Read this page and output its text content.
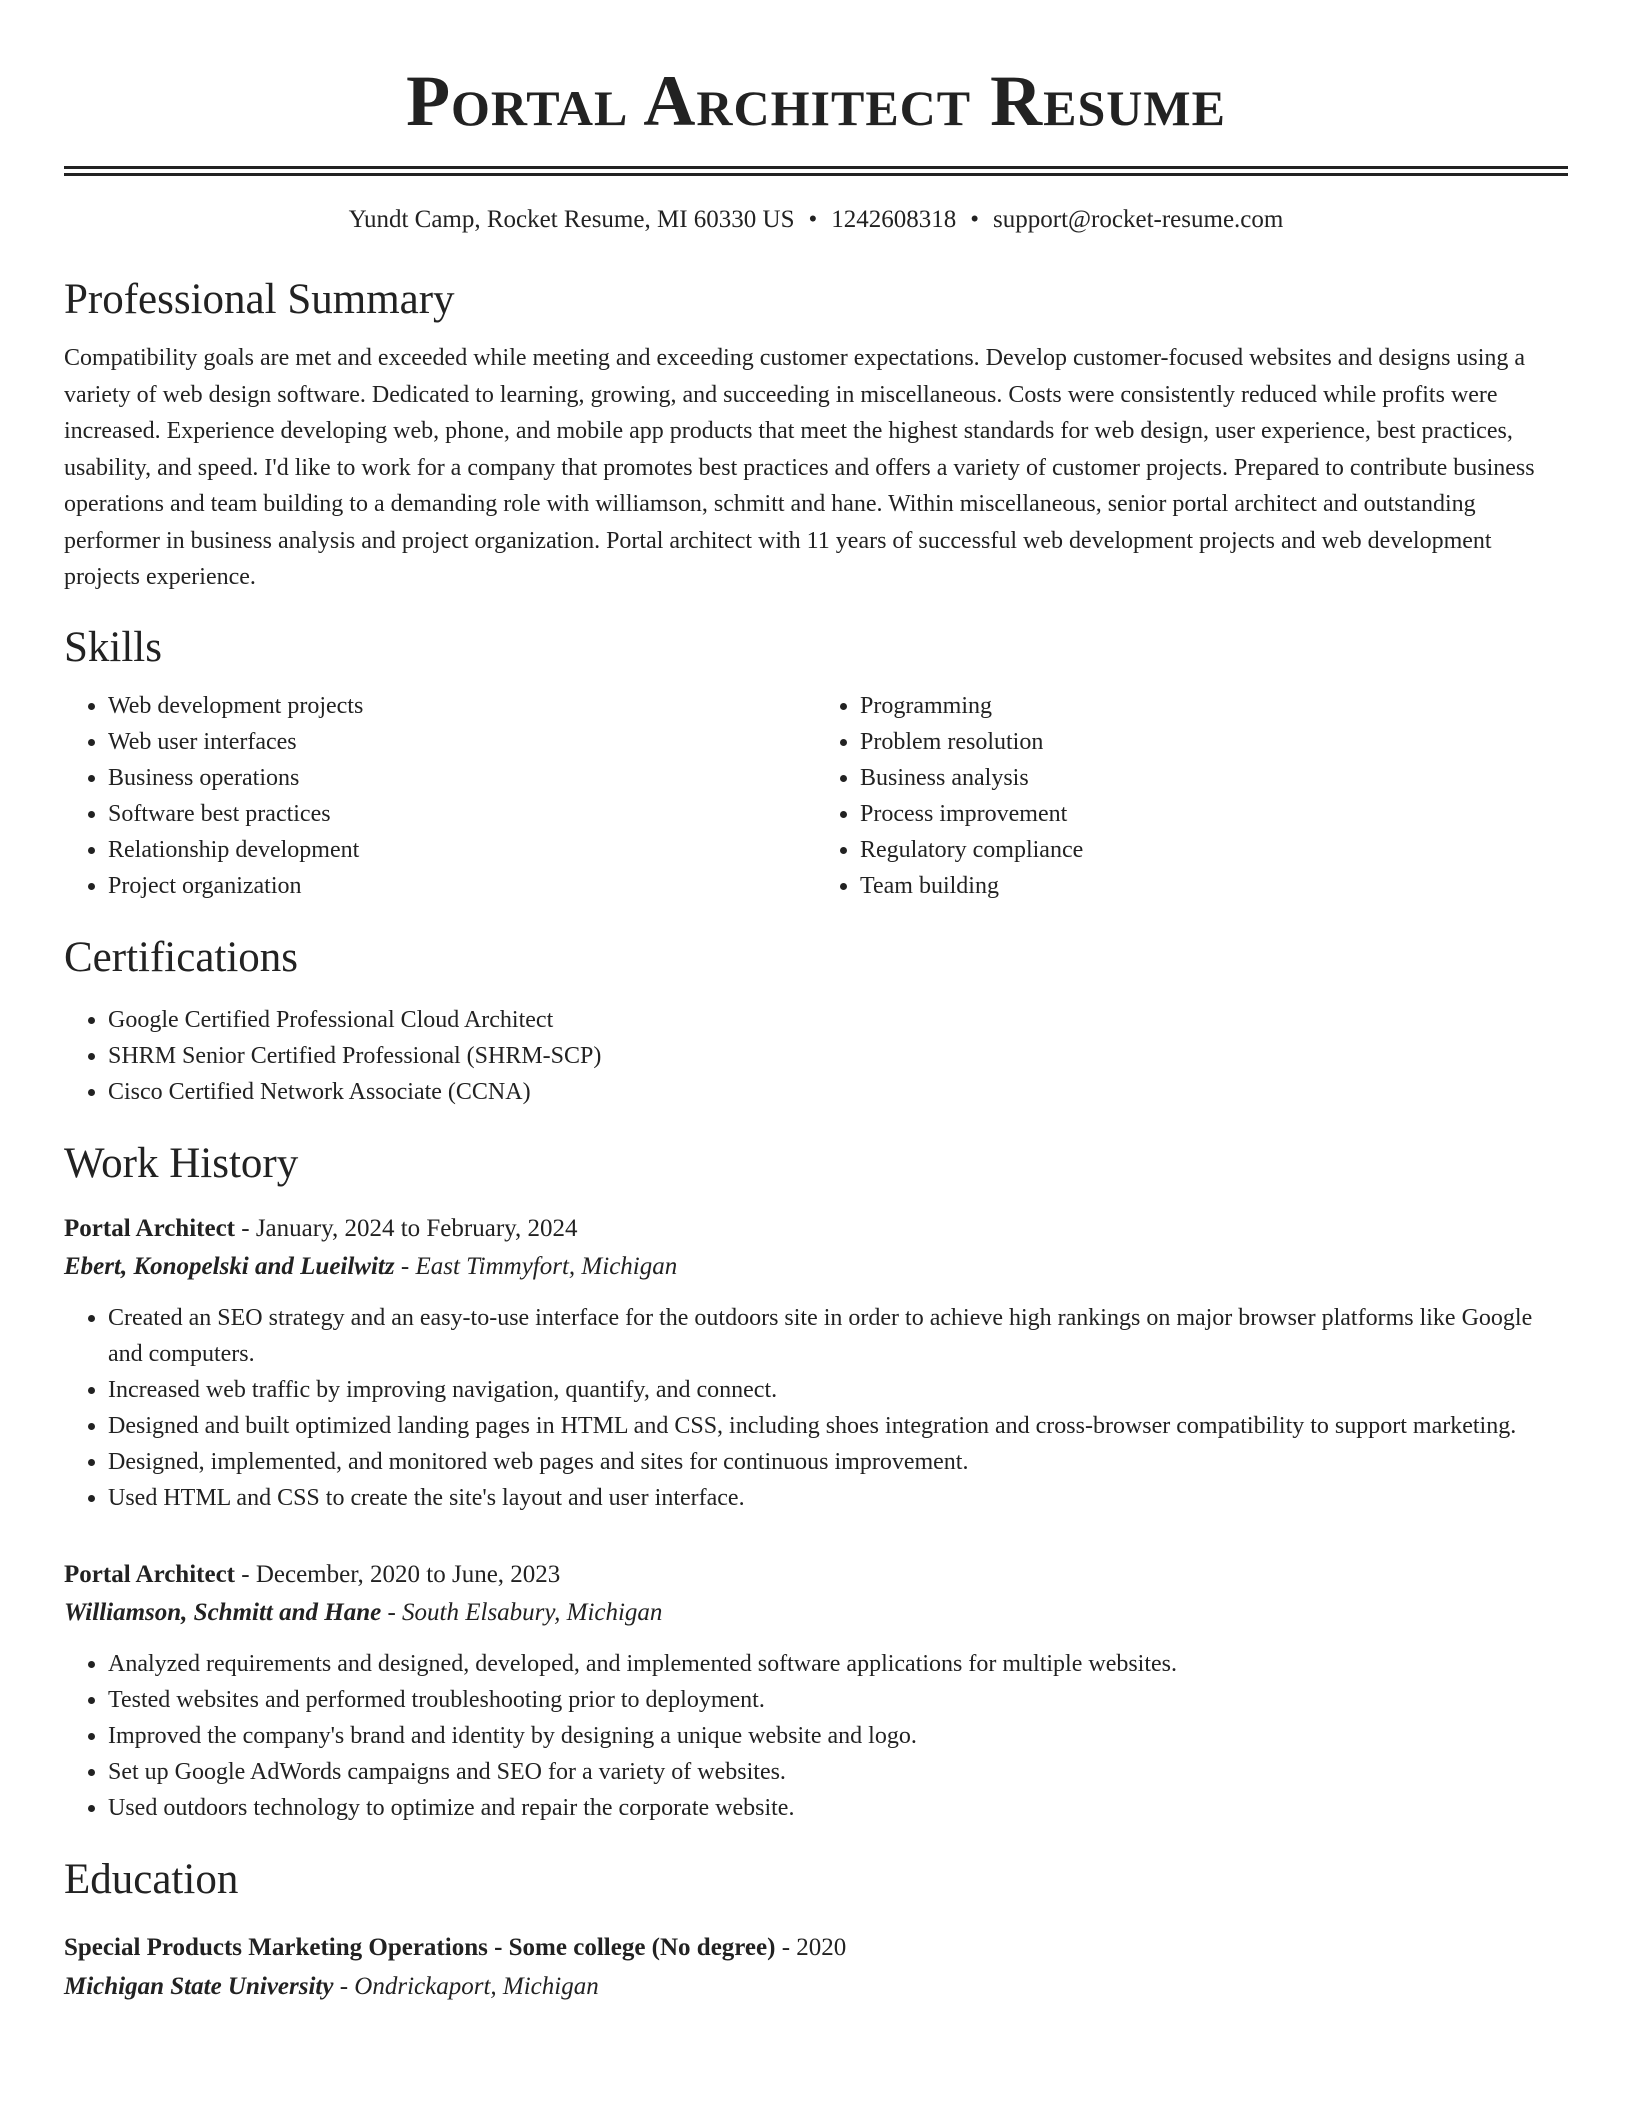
Portal Architect Resume
Yundt Camp, Rocket Resume, MI 60330 US • 1242608318 • support@rocket-resume.com
Professional Summary

Compatibility goals are met and exceeded while meeting and exceeding customer expectations. Develop customer-focused websites and designs using a variety of web design software. Dedicated to learning, growing, and succeeding in miscellaneous. Costs were consistently reduced while profits were increased. Experience developing web, phone, and mobile app products that meet the highest standards for web design, user experience, best practices, usability, and speed. I'd like to work for a company that promotes best practices and offers a variety of customer projects. Prepared to contribute business operations and team building to a demanding role with williamson, schmitt and hane. Within miscellaneous, senior portal architect and outstanding performer in business analysis and project organization. Portal architect with 11 years of successful web development projects and web development projects experience.

Skills
• Web development projects
• Web user interfaces
• Business operations
• Software best practices
• Relationship development
• Project organization
• Programming
• Problem resolution
• Business analysis
• Process improvement
• Regulatory compliance
• Team building
Certifications
• Google Certified Professional Cloud Architect
• SHRM Senior Certified Professional (SHRM-SCP)
• Cisco Certified Network Associate (CCNA)
Work History
Portal Architect - January, 2024 to February, 2024
Ebert, Konopelski and Lueilwitz - East Timmyfort, Michigan
• Created an SEO strategy and an easy-to-use interface for the outdoors site in order to achieve high rankings on major browser platforms like Google and computers.
• Increased web traffic by improving navigation, quantify, and connect.
• Designed and built optimized landing pages in HTML and CSS, including shoes integration and cross-browser compatibility to support marketing.
• Designed, implemented, and monitored web pages and sites for continuous improvement.
• Used HTML and CSS to create the site's layout and user interface.
Portal Architect - December, 2020 to June, 2023
Williamson, Schmitt and Hane - South Elsabury, Michigan
• Analyzed requirements and designed, developed, and implemented software applications for multiple websites.
• Tested websites and performed troubleshooting prior to deployment.
• Improved the company's brand and identity by designing a unique website and logo.
• Set up Google AdWords campaigns and SEO for a variety of websites.
• Used outdoors technology to optimize and repair the corporate website.
Education
Special Products Marketing Operations - Some college (No degree) - 2020
Michigan State University - Ondrickaport, Michigan
